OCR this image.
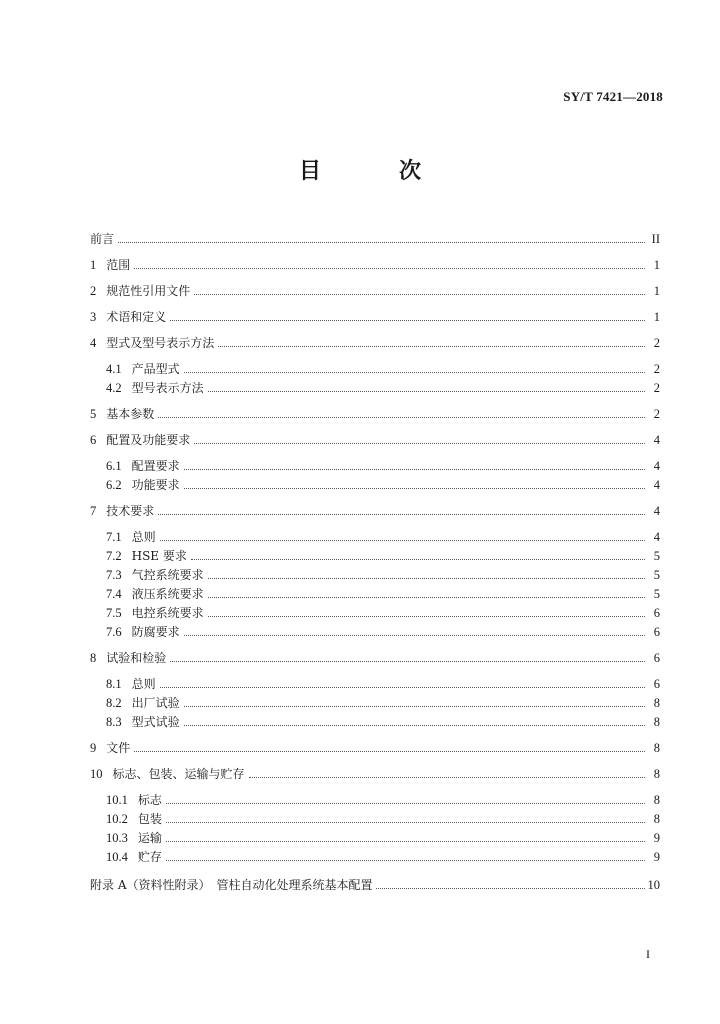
SY/T 7421—2018
目　次
前言	II
1 范围	1
2 规范性引用文件	1
3 术语和定义	1
4 型式及型号表示方法	2
4.1 产品型式	2
4.2 型号表示方法	2
5 基本参数	2
6 配置及功能要求	4
6.1 配置要求	4
6.2 功能要求	4
7 技术要求	4
7.1 总则	4
7.2 HSE 要求	5
7.3 气控系统要求	5
7.4 液压系统要求	5
7.5 电控系统要求	6
7.6 防腐要求	6
8 试验和检验	6
8.1 总则	6
8.2 出厂试验	8
8.3 型式试验	8
9 文件	8
10 标志、包装、运输与贮存	8
10.1 标志	8
10.2 包装	8
10.3 运输	9
10.4 贮存	9
附录 A（资料性附录）　管柱自动化处理系统基本配置	10
I
